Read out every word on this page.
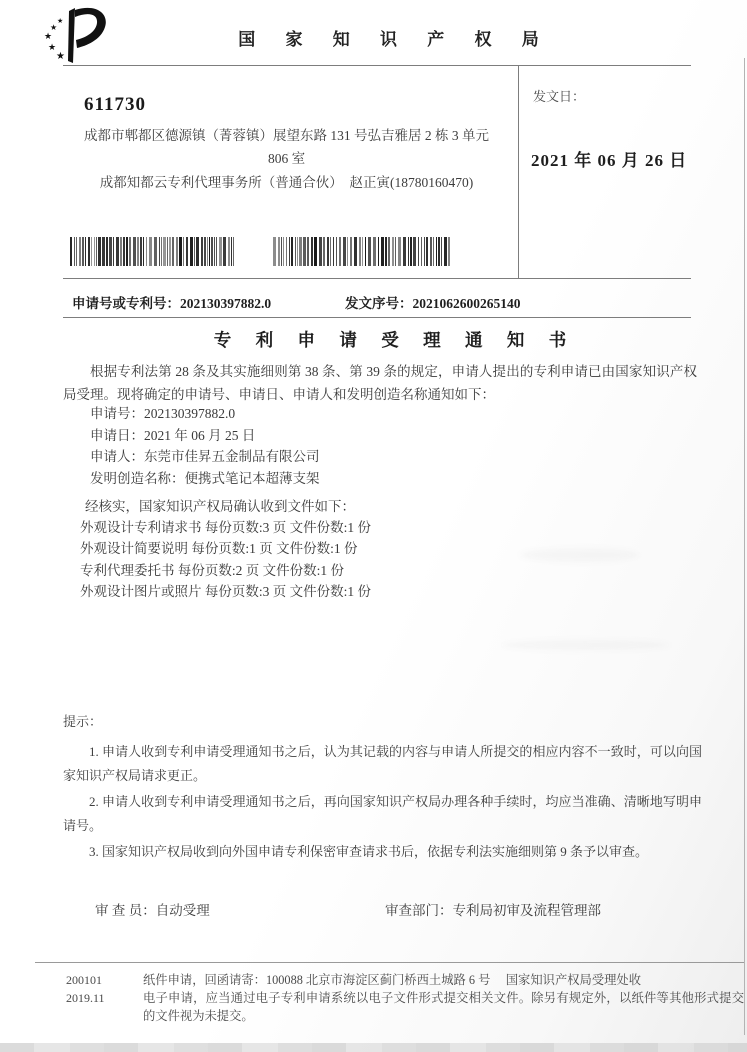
★
★
★
★
★
国 家 知 识 产 权 局
发文日：
2021 年 06 月 26 日
611730
成都市郫都区德源镇（菁蓉镇）展望东路 131 号弘吉雅居 2 栋 3 单元
806 室
成都知都云专利代理事务所（普通合伙）　赵正寅(18780160470)
申请号或专利号：202130397882.0	发文序号：2021062600265140
专 利 申 请 受 理 通 知 书
根据专利法第 28 条及其实施细则第 38 条、第 39 条的规定，申请人提出的专利申请已由国家知识产权局受理。现将确定的申请号、申请日、申请人和发明创造名称通知如下：
申请号：202130397882.0
申请日：2021 年 06 月 25 日
申请人：东莞市佳昇五金制品有限公司
发明创造名称：便携式笔记本超薄支架
经核实，国家知识产权局确认收到文件如下：
外观设计专利请求书 每份页数:3 页 文件份数:1 份
外观设计简要说明 每份页数:1 页 文件份数:1 份
专利代理委托书 每份页数:2 页 文件份数:1 份
外观设计图片或照片 每份页数:3 页 文件份数:1 份
提示：

1. 申请人收到专利申请受理通知书之后，认为其记载的内容与申请人所提交的相应内容不一致时，可以向国家知识产权局请求更正。

2. 申请人收到专利申请受理通知书之后，再向国家知识产权局办理各种手续时，均应当准确、清晰地写明申请号。

3. 国家知识产权局收到向外国申请专利保密审查请求书后，依据专利法实施细则第 9 条予以审查。

审 查 员：自动受理	审查部门：专利局初审及流程管理部
200101
2019.11

纸件申请，回函请寄：100088 北京市海淀区蓟门桥西土城路 6 号　 国家知识产权局受理处收

电子申请，应当通过电子专利申请系统以电子文件形式提交相关文件。除另有规定外，以纸件等其他形式提交的文件视为未提交。
